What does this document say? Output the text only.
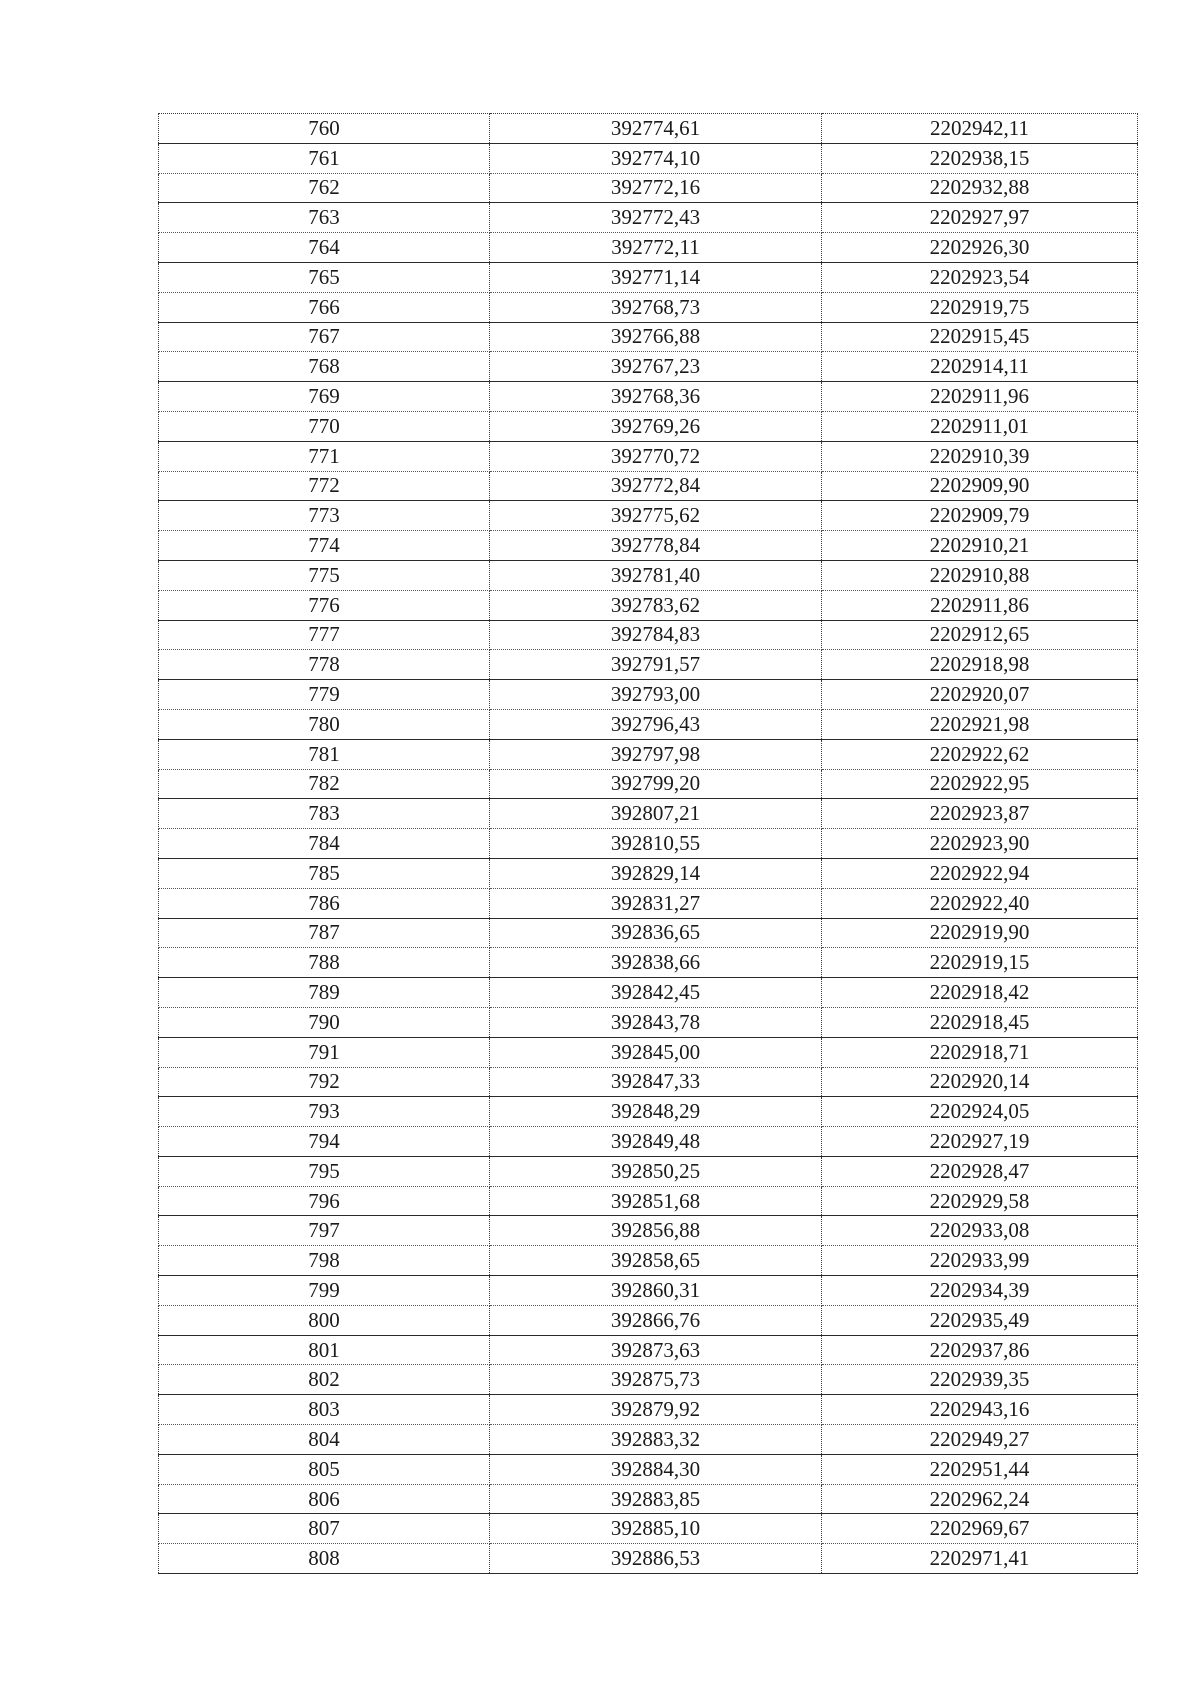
760	392774,61	2202942,11
761	392774,10	2202938,15
762	392772,16	2202932,88
763	392772,43	2202927,97
764	392772,11	2202926,30
765	392771,14	2202923,54
766	392768,73	2202919,75
767	392766,88	2202915,45
768	392767,23	2202914,11
769	392768,36	2202911,96
770	392769,26	2202911,01
771	392770,72	2202910,39
772	392772,84	2202909,90
773	392775,62	2202909,79
774	392778,84	2202910,21
775	392781,40	2202910,88
776	392783,62	2202911,86
777	392784,83	2202912,65
778	392791,57	2202918,98
779	392793,00	2202920,07
780	392796,43	2202921,98
781	392797,98	2202922,62
782	392799,20	2202922,95
783	392807,21	2202923,87
784	392810,55	2202923,90
785	392829,14	2202922,94
786	392831,27	2202922,40
787	392836,65	2202919,90
788	392838,66	2202919,15
789	392842,45	2202918,42
790	392843,78	2202918,45
791	392845,00	2202918,71
792	392847,33	2202920,14
793	392848,29	2202924,05
794	392849,48	2202927,19
795	392850,25	2202928,47
796	392851,68	2202929,58
797	392856,88	2202933,08
798	392858,65	2202933,99
799	392860,31	2202934,39
800	392866,76	2202935,49
801	392873,63	2202937,86
802	392875,73	2202939,35
803	392879,92	2202943,16
804	392883,32	2202949,27
805	392884,30	2202951,44
806	392883,85	2202962,24
807	392885,10	2202969,67
808	392886,53	2202971,41
